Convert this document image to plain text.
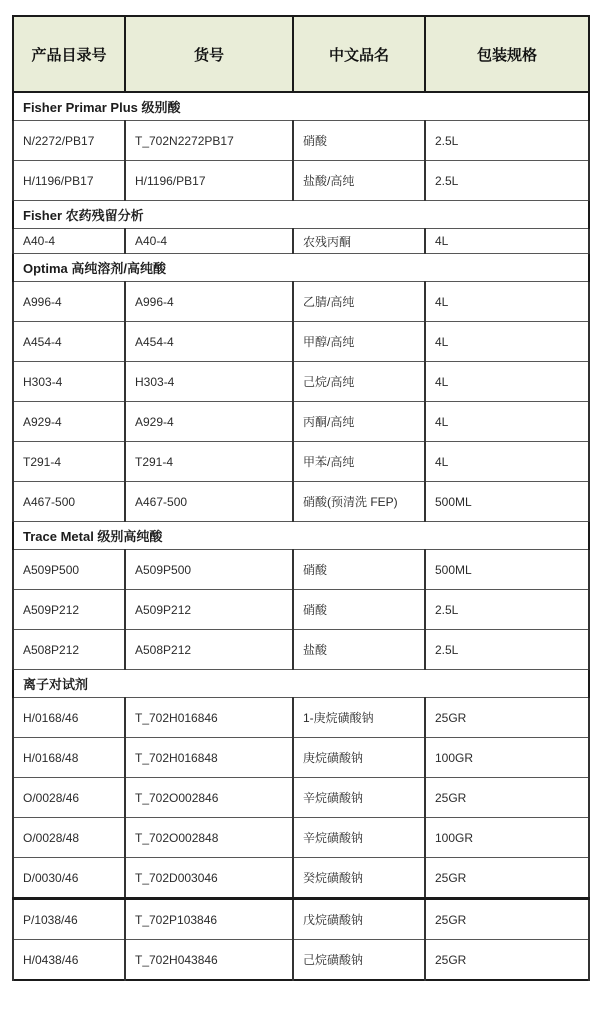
产品目录号	货号	中文品名	包装规格
Fisher Primar Plus 级别酸			
N/2272/PB17	T_702N2272PB17	硝酸	2.5L
H/1196/PB17	H/1196/PB17	盐酸/高纯	2.5L
Fisher 农药残留分析			
A40-4	A40-4	农残丙酮	4L
Optima 高纯溶剂/高纯酸			
A996-4	A996-4	乙腈/高纯	4L
A454-4	A454-4	甲醇/高纯	4L
H303-4	H303-4	己烷/高纯	4L
A929-4	A929-4	丙酮/高纯	4L
T291-4	T291-4	甲苯/高纯	4L
A467-500	A467-500	硝酸(预清洗 FEP)	500ML
Trace Metal 级别高纯酸			
A509P500	A509P500	硝酸	500ML
A509P212	A509P212	硝酸	2.5L
A508P212	A508P212	盐酸	2.5L
离子对试剂			
H/0168/46	T_702H016846	1-庚烷磺酸钠	25GR
H/0168/48	T_702H016848	庚烷磺酸钠	100GR
O/0028/46	T_702O002846	辛烷磺酸钠	25GR
O/0028/48	T_702O002848	辛烷磺酸钠	100GR
D/0030/46	T_702D003046	癸烷磺酸钠	25GR
P/1038/46	T_702P103846	戊烷磺酸钠	25GR
H/0438/46	T_702H043846	己烷磺酸钠	25GR
